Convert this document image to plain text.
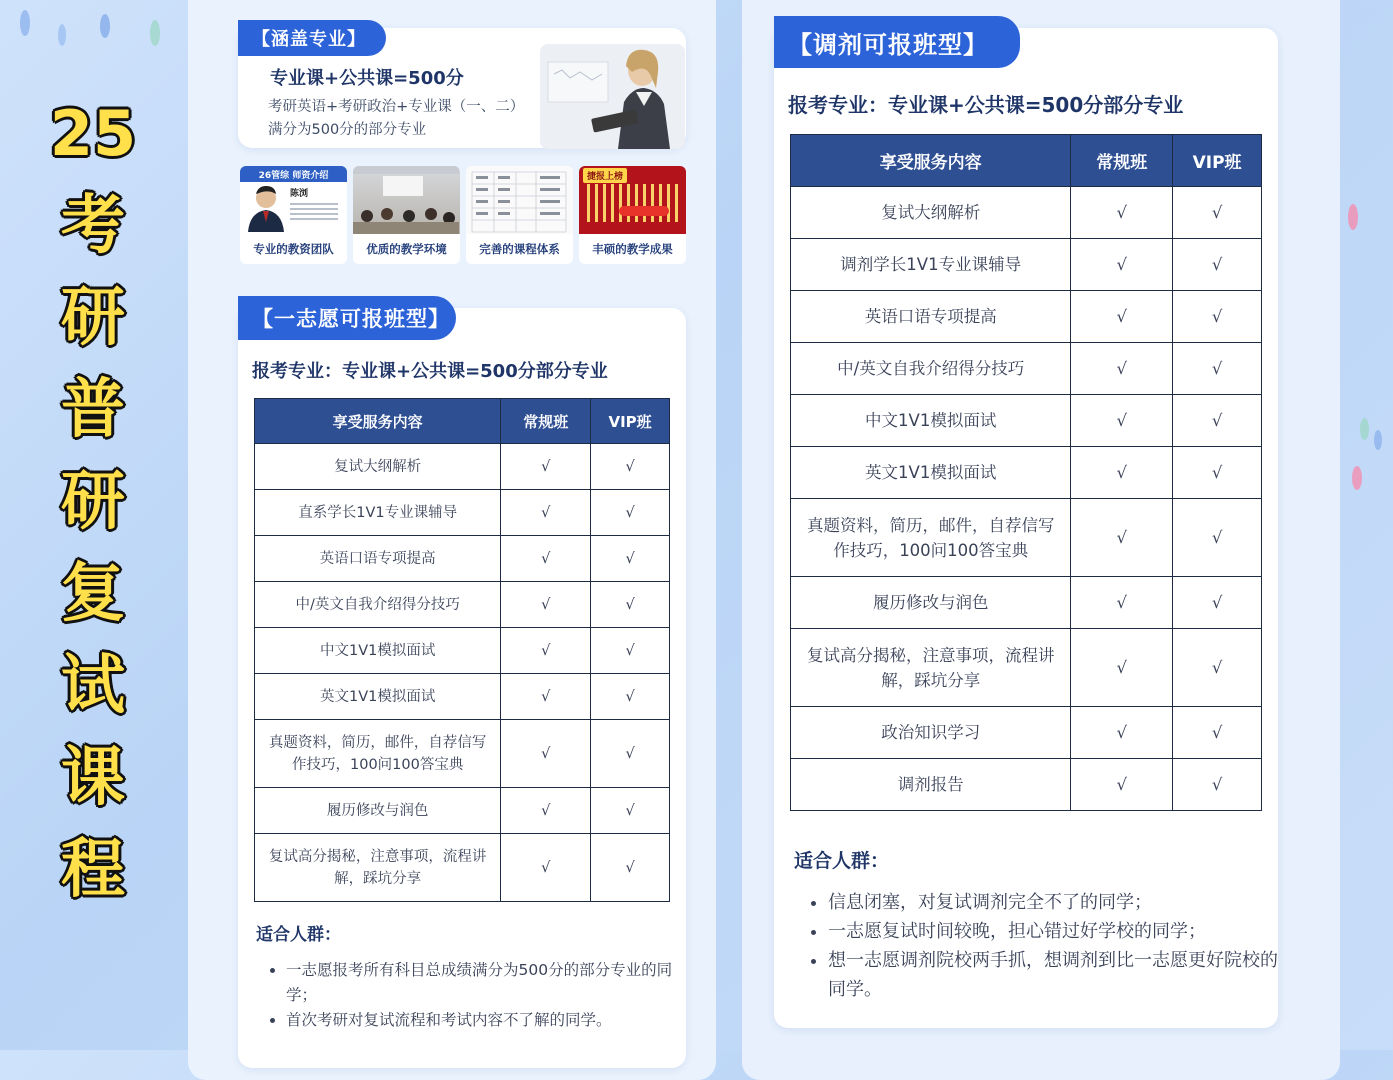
25
考
研
普
研
复
试
课
程
【涵盖专业】
专业课+公共课=500分
考研英语+考研政治+专业课（一、二）满分为500分的部分专业
26管综 师资介绍
陈浏
专业的教资团队	优质的教学环境	完善的课程体系
捷报上榜
丰硕的教学成果
【一志愿可报班型】
报考专业：专业课+公共课=500分部分专业
享受服务内容	常规班	VIP班
复试大纲解析	√	√
直系学长1V1专业课辅导	√	√
英语口语专项提高	√	√
中/英文自我介绍得分技巧	√	√
中文1V1模拟面试	√	√
英文1V1模拟面试	√	√
真题资料，简历，邮件，自荐信写作技巧，100问100答宝典	√	√
履历修改与润色	√	√
复试高分揭秘，注意事项，流程讲解，踩坑分享	√	√
适合人群：
• 一志愿报考所有科目总成绩满分为500分的部分专业的同学；
• 首次考研对复试流程和考试内容不了解的同学。
【调剂可报班型】
报考专业：专业课+公共课=500分部分专业
享受服务内容	常规班	VIP班
复试大纲解析	√	√
调剂学长1V1专业课辅导	√	√
英语口语专项提高	√	√
中/英文自我介绍得分技巧	√	√
中文1V1模拟面试	√	√
英文1V1模拟面试	√	√
真题资料，简历，邮件，自荐信写作技巧，100问100答宝典	√	√
履历修改与润色	√	√
复试高分揭秘，注意事项，流程讲解，踩坑分享	√	√
政治知识学习	√	√
调剂报告	√	√
适合人群：
• 信息闭塞，对复试调剂完全不了的同学；
• 一志愿复试时间较晚，担心错过好学校的同学；
• 想一志愿调剂院校两手抓，想调剂到比一志愿更好院校的同学。
